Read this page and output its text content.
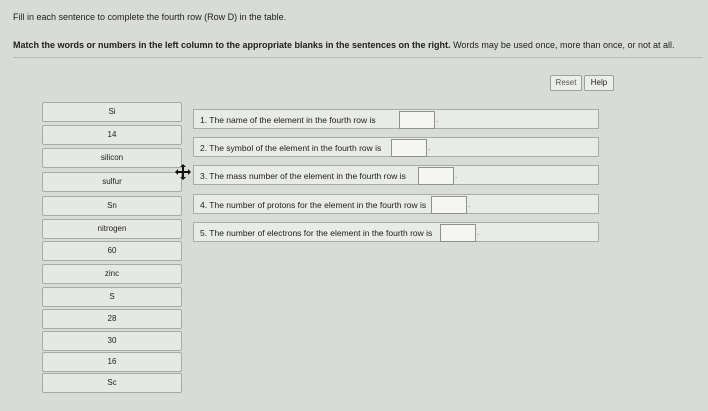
Fill in each sentence to complete the fourth row (Row D) in the table.
Match the words or numbers in the left column to the appropriate blanks in the sentences on the right. Words may be used once, more than once, or not at all.
Reset	Help
Si
14
silicon
sulfur
Sn
nitrogen
60
zinc
S
28
30
16
Sc
1. The name of the element in the fourth row is	.
2. The symbol of the element in the fourth row is	.
3. The mass number of the element in the fourth row is	.
4. The number of protons for the element in the fourth row is	.
5. The number of electrons for the element in the fourth row is	.
